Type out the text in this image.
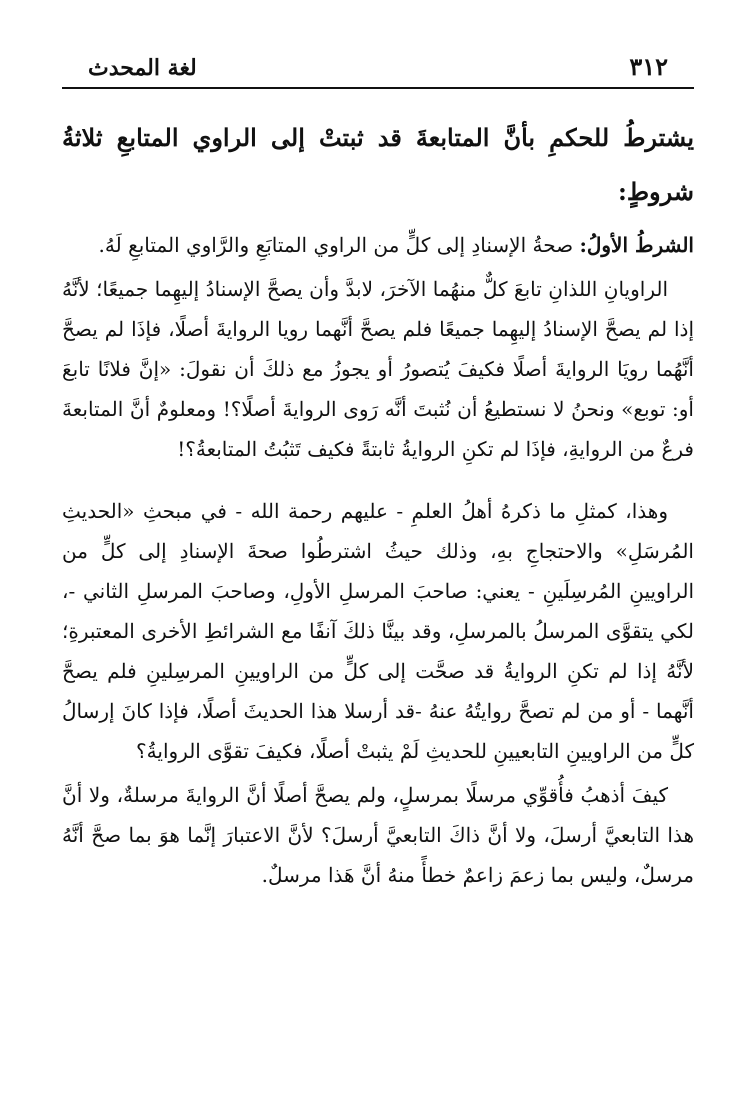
٣١٢
لغة المحدث
يشترطُ للحكمِ بأنَّ المتابعةَ قد ثبتتْ إلى الراوي المتابعِ ثلاثةُ شروطٍ:

الشرطُ الأولُ: صحةُ الإسنادِ إلى كلٍّ من الراوي المتابَعِ والرَّاوي المتابعِ لَهُ.

الراويانِ اللذانِ تابعَ كلٌّ منهُما الآخرَ، لابدَّ وأن يصحَّ الإسنادُ إليهِما جميعًا؛ لأنَّهُ إذا لم يصحَّ الإسنادُ إليهِما جميعًا فلم يصحَّ أنَّهما رويا الروايةَ أصلًا، فإذَا لم يصحَّ أنَّهُما رويَا الروايةَ أصلًا فكيفَ يُتصورُ أو يجوزُ مع ذلكَ أن نقولَ: «إنَّ فلانًا تابعَ أو: توبع» ونحنُ لا نستطيعُ أن نُثبتَ أنَّه رَوى الروايةَ أصلًا؟! ومعلومٌ أنَّ المتابعةَ فرعٌ من الروايةِ، فإذَا لم تكنِ الروايةُ ثابتةً فكيف تَثبُتُ المتابعةُ؟!

وهذا، كمثلِ ما ذكرهُ أهلُ العلمِ - عليهم رحمة الله - في مبحثِ «الحديثِ المُرسَلِ» والاحتجاجِ بهِ، وذلك حيثُ اشترطُوا صحةَ الإسنادِ إلى كلٍّ من الراويينِ المُرسِلَينِ - يعني: صاحبَ المرسلِ الأولِ، وصاحبَ المرسلِ الثاني -، لكي يتقوَّى المرسلُ بالمرسلِ، وقد بينَّا ذلكَ آنفًا مع الشرائطِ الأخرى المعتبرةِ؛ لأنَّهُ إذا لم تكنِ الروايةُ قد صحَّت إلى كلٍّ من الراويينِ المرسِلينِ فلم يصحَّ أنَّهما - أو من لم تصحَّ روايتُهُ عنهُ -قد أرسلا هذا الحديثَ أصلًا، فإذا كانَ إرسالُ كلٍّ من الراويينِ التابعيينِ للحديثِ لَمْ يثبتْ أصلًا، فكيفَ تقوَّى الروايةُ؟

كيفَ أذهبُ فأُقوِّي مرسلًا بمرسلٍ، ولم يصحَّ أصلًا أنَّ الروايةَ مرسلةٌ، ولا أنَّ هذا التابعيَّ أرسلَ، ولا أنَّ ذاكَ التابعيَّ أرسلَ؟ لأنَّ الاعتبارَ إنَّما هوَ بما صحَّ أنَّهُ مرسلٌ، وليس بما زعمَ زاعمٌ خطأً منهُ أنَّ هَذا مرسلٌ.
